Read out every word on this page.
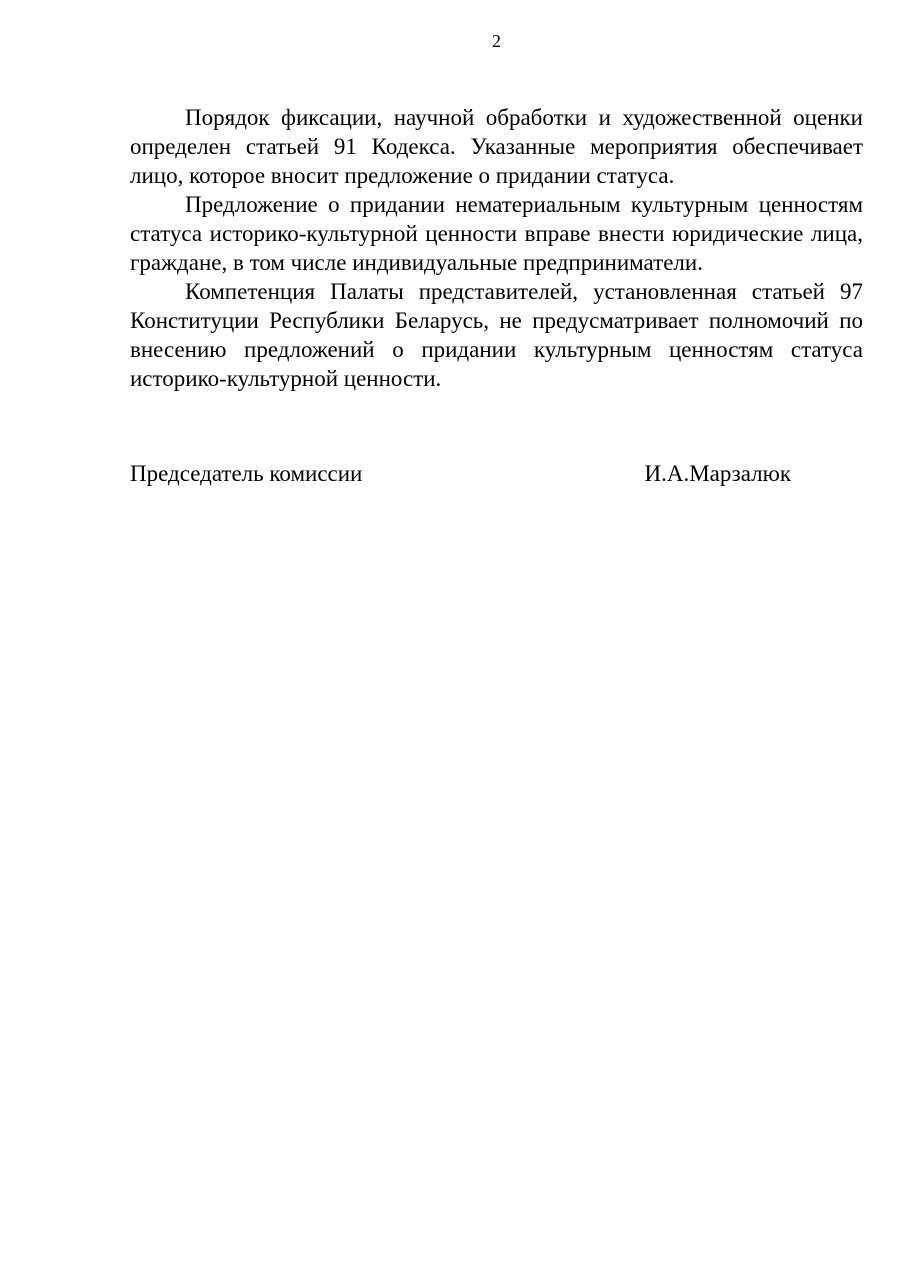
2

Порядок фиксации, научной обработки и художественной оценки определен статьей 91 Кодекса. Указанные мероприятия обеспечивает лицо, которое вносит предложение о придании статуса.

Предложение о придании нематериальным культурным ценностям статуса историко-культурной ценности вправе внести юридические лица, граждане, в том числе индивидуальные предприниматели.

Компетенция Палаты представителей, установленная статьей 97 Конституции Республики Беларусь, не предусматривает полномочий по внесению предложений о придании культурным ценностям статуса историко-культурной ценности.

Председатель комиссии	И.А.Марзалюк
